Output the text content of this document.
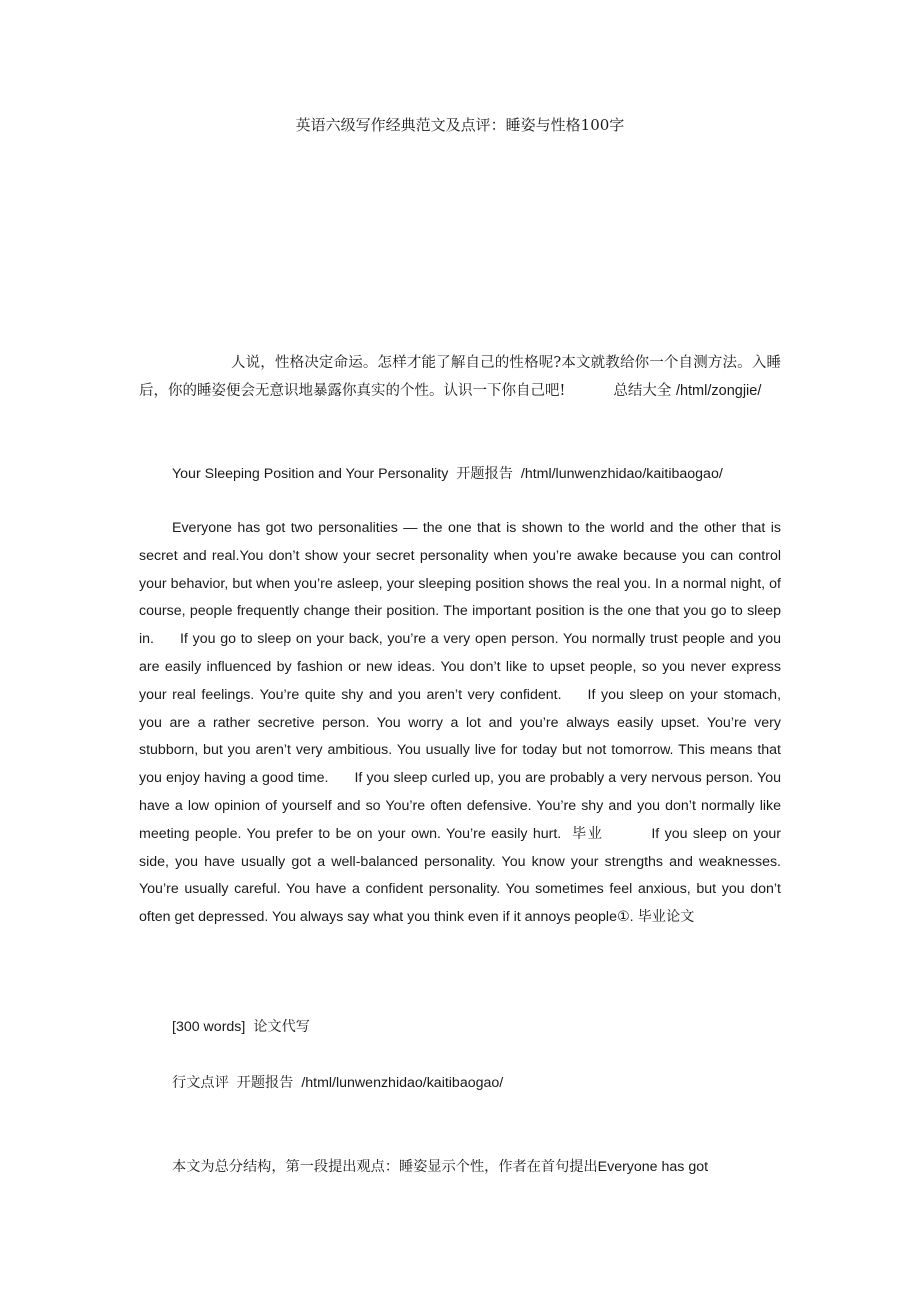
英语六级写作经典范文及点评：睡姿与性格100字
人说，性格决定命运。怎样才能了解自己的性格呢?本文就教给你一个自测方法。入睡后，你的睡姿便会无意识地暴露你真实的个性。认识一下你自己吧!	总结大全 /html/zongjie/
Your Sleeping Position and Your Personality 开题报告 /html/lunwenzhidao/kaitibaogao/
Everyone has got two personalities — the one that is shown to the world and the other that is secret and real.You don’t show your secret personality when you’re awake because you can control your behavior, but when you’re asleep, your sleeping position shows the real you. In a normal night, of course, people frequently change their position. The important position is the one that you go to sleep in. If you go to sleep on your back, you’re a very open person. You normally trust people and you are easily influenced by fashion or new ideas. You don’t like to upset people, so you never express your real feelings. You’re quite shy and you aren’t very confident. If you sleep on your stomach, you are a rather secretive person. You worry a lot and you’re always easily upset. You’re very stubborn, but you aren’t very ambitious. You usually live for today but not tomorrow. This means that you enjoy having a good time. If you sleep curled up, you are probably a very nervous person. You have a low opinion of yourself and so You’re often defensive. You’re shy and you don’t normally like meeting people. You prefer to be on your own. You’re easily hurt. 毕业	If you sleep on your side, you have usually got a well-balanced personality. You know your strengths and weaknesses. You’re usually careful. You have a confident personality. You sometimes feel anxious, but you don’t often get depressed. You always say what you think even if it annoys people①. 毕业论文
[300 words] 论文代写
行文点评 开题报告 /html/lunwenzhidao/kaitibaogao/
本文为总分结构，第一段提出观点：睡姿显示个性，作者在首句提出Everyone has got
